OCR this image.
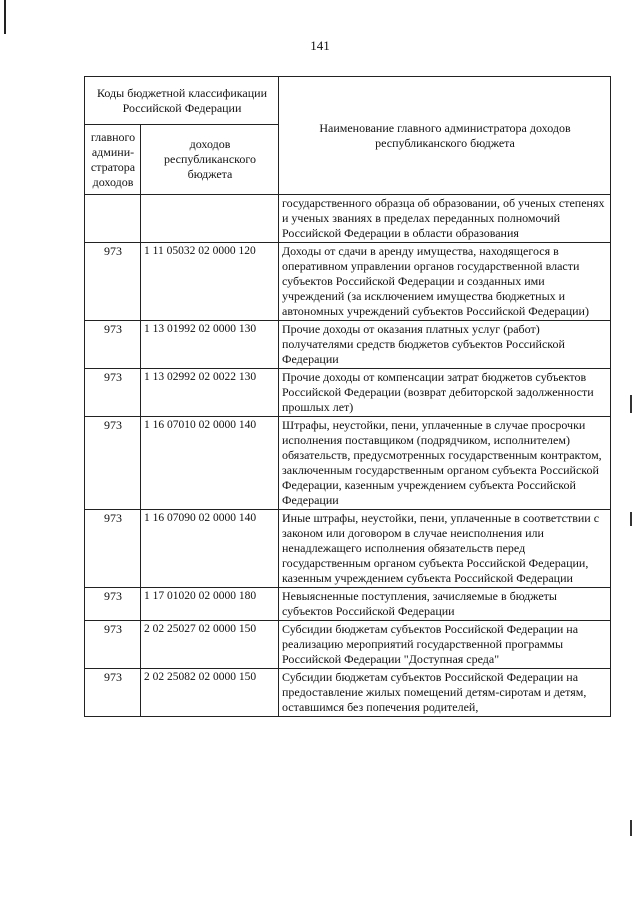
141
Коды бюджетной классификации Российской Федерации		Наименование главного администратора доходов республиканского бюджета
главного админи-стратора доходов	доходов республиканского бюджета	
		государственного образца об образовании, об ученых степенях и ученых званиях в пределах переданных полномочий Российской Федерации в области образования
973	1 11 05032 02 0000 120	Доходы от сдачи в аренду имущества, находящегося в оперативном управлении органов государственной власти субъектов Российской Федерации и созданных ими учреждений (за исключением имущества бюджетных и автономных учреждений субъектов Российской Федерации)
973	1 13 01992 02 0000 130	Прочие доходы от оказания платных услуг (работ) получателями средств бюджетов субъектов Российской Федерации
973	1 13 02992 02 0022 130	Прочие доходы от компенсации затрат бюджетов субъектов Российской Федерации (возврат дебиторской задолженности прошлых лет)
973	1 16 07010 02 0000 140	Штрафы, неустойки, пени, уплаченные в случае просрочки исполнения поставщиком (подрядчиком, исполнителем) обязательств, предусмотренных государственным контрактом, заключенным государственным органом субъекта Российской Федерации, казенным учреждением субъекта Российской Федерации
973	1 16 07090 02 0000 140	Иные штрафы, неустойки, пени, уплаченные в соответствии с законом или договором в случае неисполнения или ненадлежащего исполнения обязательств перед государственным органом субъекта Российской Федерации, казенным учреждением субъекта Российской Федерации
973	1 17 01020 02 0000 180	Невыясненные поступления, зачисляемые в бюджеты субъектов Российской Федерации
973	2 02 25027 02 0000 150	Субсидии бюджетам субъектов Российской Федерации на реализацию мероприятий государственной программы Российской Федерации "Доступная среда"
973	2 02 25082 02 0000 150	Субсидии бюджетам субъектов Российской Федерации на предоставление жилых помещений детям-сиротам и детям, оставшимся без попечения родителей,
